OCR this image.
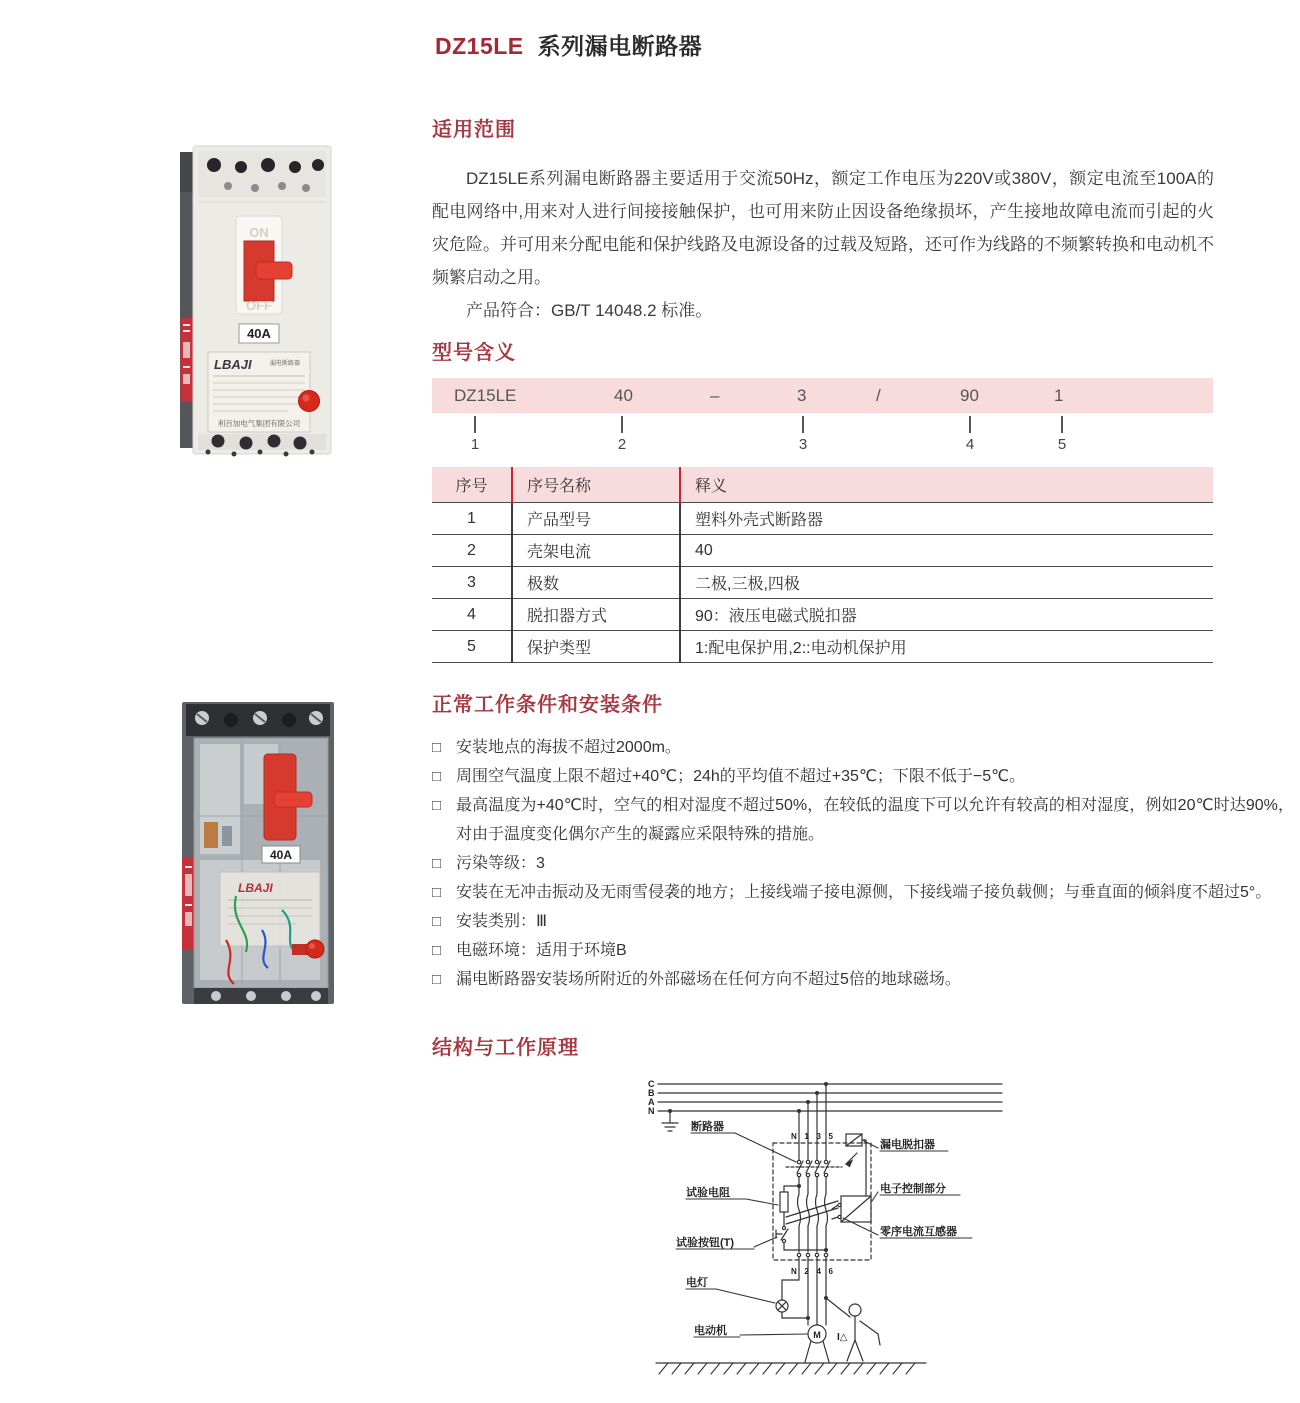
DZ15LE 系列漏电断路器
ON
OFF
40A
LBAJI	漏电断路器
利百加电气集团有限公司
40A
LBAJI
适用范围

DZ15LE系列漏电断路器主要适用于交流50Hz，额定工作电压为220V或380V，额定电流至100A的配电网络中,用来对人进行间接接触保护，也可用来防止因设备绝缘损坏，产生接地故障电流而引起的火灾危险。并可用来分配电能和保护线路及电源设备的过载及短路，还可作为线路的不频繁转换和电动机不频繁启动之用。

产品符合：GB/T 14048.2 标准。

型号含义
DZ15LE	40	–	3	/	90	1
1	2	3	4	5
序号	序号名称	释义
1	产品型号	塑料外壳式断路器
2	壳架电流	40
3	极数	二极,三极,四极
4	脱扣器方式	90：液压电磁式脱扣器
5	保护类型	1:配电保护用,2::电动机保护用
正常工作条件和安装条件
□ 安装地点的海拔不超过2000m。
□ 周围空气温度上限不超过+40℃；24h的平均值不超过+35℃；下限不低于−5℃。
□ 最高温度为+40℃时，空气的相对湿度不超过50%，在较低的温度下可以允许有较高的相对湿度，例如20℃时达90%，对由于温度变化偶尔产生的凝露应采限特殊的措施。
□ 污染等级：3
□ 安装在无冲击振动及无雨雪侵袭的地方；上接线端子接电源侧，下接线端子接负载侧；与垂直面的倾斜度不超过5°。
□ 安装类别：Ⅲ
□ 电磁环境：适用于环境B
□ 漏电断路器安装场所附近的外部磁场在任何方向不超过5倍的地球磁场。
结构与工作原理
C
B
A
N
N 1 3 5
N 2 4 6
断路器
试验电阻
试验按钮(T)
电灯
电动机
漏电脱扣器
电子控制部分
零序电流互感器
M I△
